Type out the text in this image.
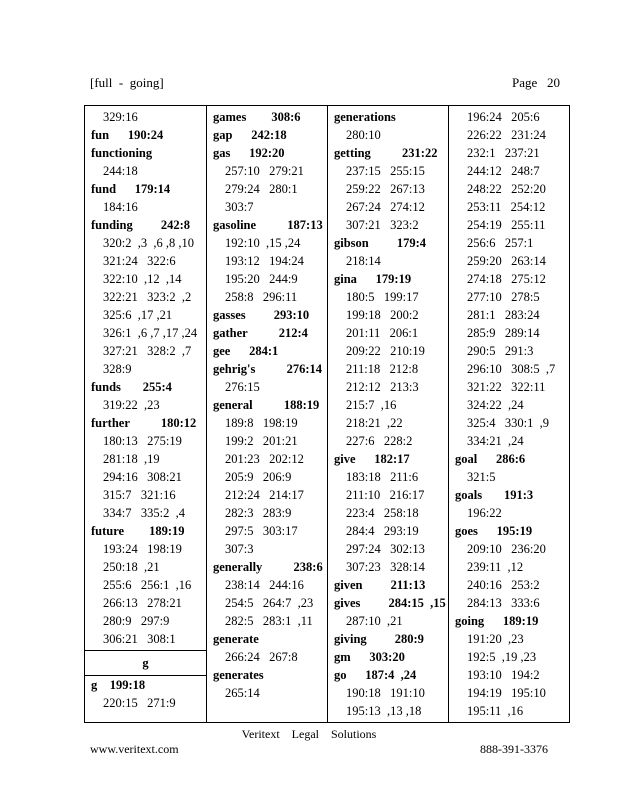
[full  -  going]	Page   20
329:16
fun      190:24
functioning
244:18
fund      179:14
184:16
funding         242:8
320:2  ,3  ,6 ,8 ,10
321:24   322:6
322:10  ,12  ,14
322:21   323:2  ,2
325:6  ,17 ,21
326:1  ,6 ,7 ,17 ,24
327:21   328:2  ,7
328:9
funds       255:4
319:22  ,23
further          180:12
180:13   275:19
281:18  ,19
294:16   308:21
315:7   321:16
334:7   335:2  ,4
future        189:19
193:24   198:19
250:18  ,21
255:6   256:1  ,16
266:13   278:21
280:9   297:9
306:21   308:1
g
g    199:18
220:15   271:9
games        308:6
gap      242:18
gas      192:20
257:10   279:21
279:24   280:1
303:7
gasoline          187:13
192:10  ,15 ,24
193:12   194:24
195:20   244:9
258:8   296:11
gasses         293:10
gather          212:4
gee      284:1
gehrig's          276:14
276:15
general          188:19
189:8   198:19
199:2   201:21
201:23   202:12
205:9   206:9
212:24   214:17
282:3   283:9
297:5   303:17
307:3
generally          238:6
238:14   244:16
254:5   264:7  ,23
282:5   283:1  ,11
generate
266:24   267:8
generates
265:14
generations
280:10
getting          231:22
237:15   255:15
259:22   267:13
267:24   274:12
307:21   323:2
gibson         179:4
218:14
gina      179:19
180:5   199:17
199:18   200:2
201:11   206:1
209:22   210:19
211:18   212:8
212:12   213:3
215:7  ,16
218:21  ,22
227:6   228:2
give      182:17
183:18   211:6
211:10   216:17
223:4   258:18
284:4   293:19
297:24   302:13
307:23   328:14
given         211:13
gives         284:15  ,15
287:10  ,21
giving         280:9
gm      303:20
go      187:4  ,24
190:18   191:10
195:13  ,13 ,18
196:24   205:6
226:22   231:24
232:1   237:21
244:12   248:7
248:22   252:20
253:11   254:12
254:19   255:11
256:6   257:1
259:20   263:14
274:18   275:12
277:10   278:5
281:1   283:24
285:9   289:14
290:5   291:3
296:10   308:5  ,7
321:22   322:11
324:22  ,24
325:4   330:1  ,9
334:21  ,24
goal      286:6
321:5
goals       191:3
196:22
goes      195:19
209:10   236:20
239:11  ,12
240:16   253:2
284:13   333:6
going      189:19
191:20  ,23
192:5  ,19 ,23
193:10   194:2
194:19   195:10
195:11  ,16
Veritext    Legal    Solutions
www.veritext.com	888-391-3376
